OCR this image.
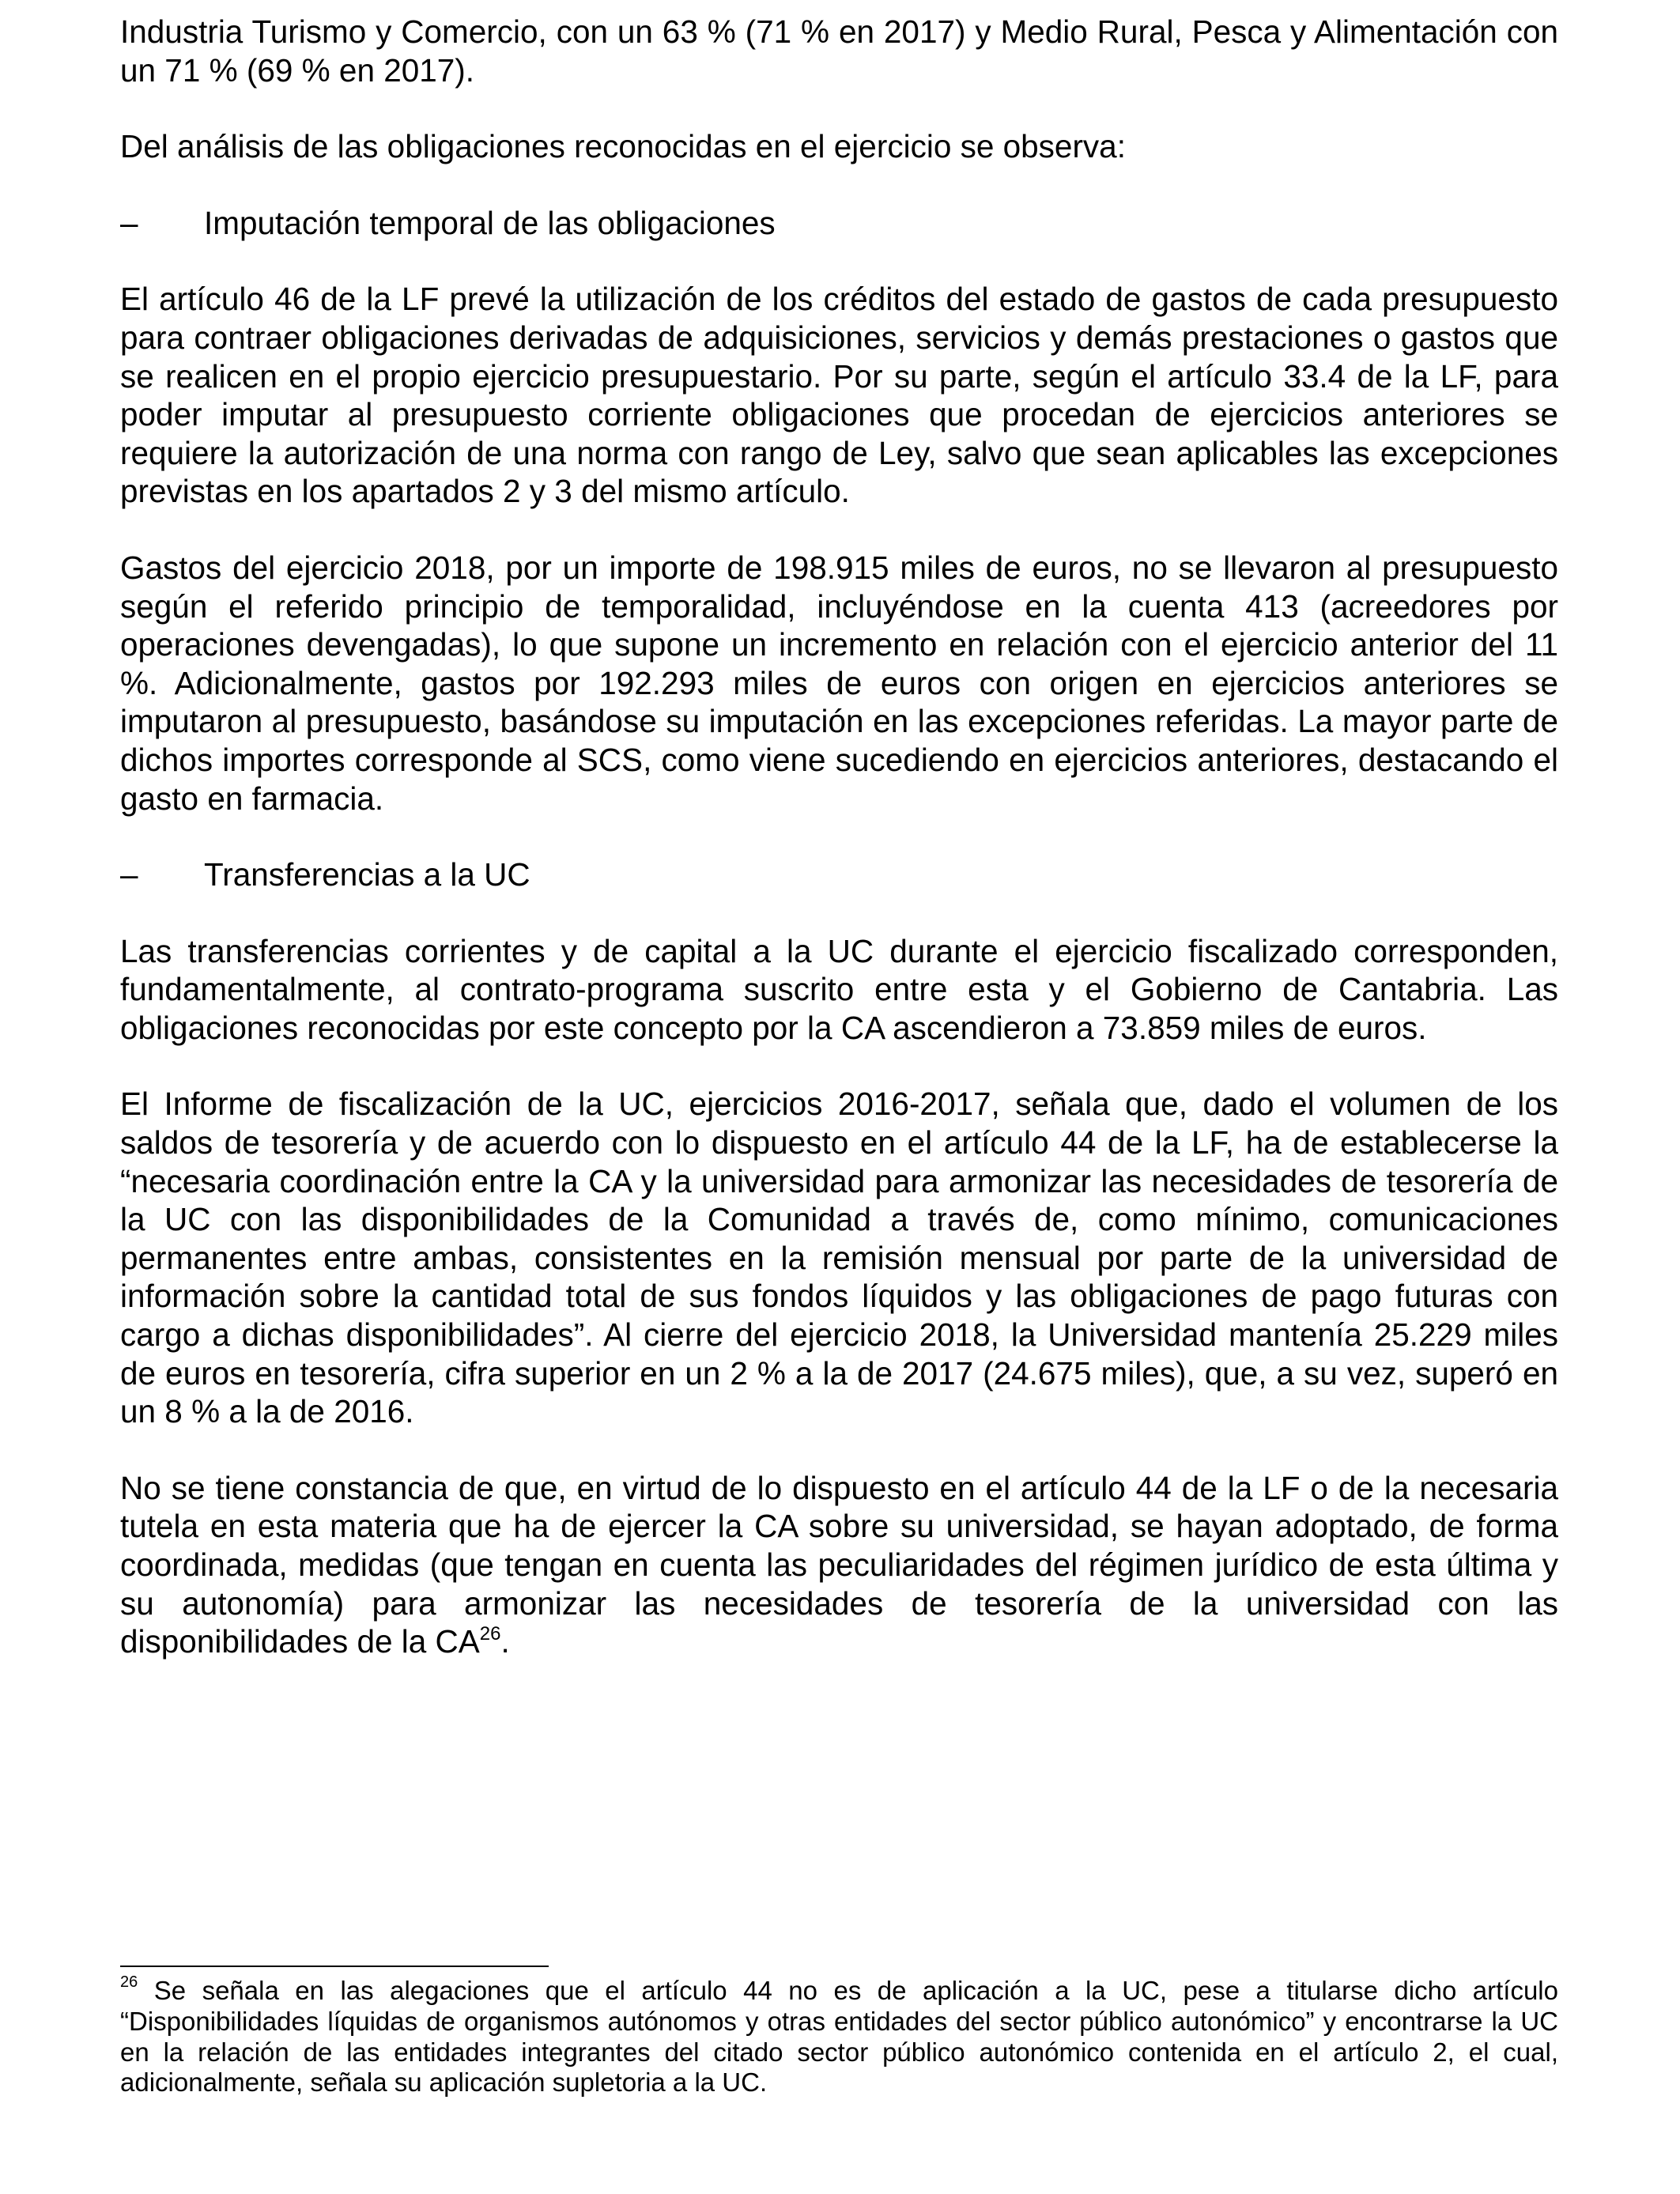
Industria Turismo y Comercio, con un 63 % (71 % en 2017) y Medio Rural, Pesca y Alimentación con un 71 % (69 % en 2017).

Del análisis de las obligaciones reconocidas en el ejercicio se observa:

–	Imputación temporal de las obligaciones

El artículo 46 de la LF prevé la utilización de los créditos del estado de gastos de cada presupuesto para contraer obligaciones derivadas de adquisiciones, servicios y demás prestaciones o gastos que se realicen en el propio ejercicio presupuestario. Por su parte, según el artículo 33.4 de la LF, para poder imputar al presupuesto corriente obligaciones que procedan de ejercicios anteriores se requiere la autorización de una norma con rango de Ley, salvo que sean aplicables las excepciones previstas en los apartados 2 y 3 del mismo artículo.

Gastos del ejercicio 2018, por un importe de 198.915 miles de euros, no se llevaron al presupuesto según el referido principio de temporalidad, incluyéndose en la cuenta 413 (acreedores por operaciones devengadas), lo que supone un incremento en relación con el ejercicio anterior del 11 %. Adicionalmente, gastos por 192.293 miles de euros con origen en ejercicios anteriores se imputaron al presupuesto, basándose su imputación en las excepciones referidas. La mayor parte de dichos importes corresponde al SCS, como viene sucediendo en ejercicios anteriores, destacando el gasto en farmacia.

–	Transferencias a la UC

Las transferencias corrientes y de capital a la UC durante el ejercicio fiscalizado corresponden, fundamentalmente, al contrato-programa suscrito entre esta y el Gobierno de Cantabria. Las obligaciones reconocidas por este concepto por la CA ascendieron a 73.859 miles de euros.

El Informe de fiscalización de la UC, ejercicios 2016-2017, señala que, dado el volumen de los saldos de tesorería y de acuerdo con lo dispuesto en el artículo 44 de la LF, ha de establecerse la “necesaria coordinación entre la CA y la universidad para armonizar las necesidades de tesorería de la UC con las disponibilidades de la Comunidad a través de, como mínimo, comunicaciones permanentes entre ambas, consistentes en la remisión mensual por parte de la universidad de información sobre la cantidad total de sus fondos líquidos y las obligaciones de pago futuras con cargo a dichas disponibilidades”. Al cierre del ejercicio 2018, la Universidad mantenía 25.229 miles de euros en tesorería, cifra superior en un 2 % a la de 2017 (24.675 miles), que, a su vez, superó en un 8 % a la de 2016.

No se tiene constancia de que, en virtud de lo dispuesto en el artículo 44 de la LF o de la necesaria tutela en esta materia que ha de ejercer la CA sobre su universidad, se hayan adoptado, de forma coordinada, medidas (que tengan en cuenta las peculiaridades del régimen jurídico de esta última y su autonomía) para armonizar las necesidades de tesorería de la universidad con las disponibilidades de la CA$^{26}$.

$^{26}$ Se señala en las alegaciones que el artículo 44 no es de aplicación a la UC, pese a titularse dicho artículo “Disponibilidades líquidas de organismos autónomos y otras entidades del sector público autonómico” y encontrarse la UC en la relación de las entidades integrantes del citado sector público autonómico contenida en el artículo 2, el cual, adicionalmente, señala su aplicación supletoria a la UC.
